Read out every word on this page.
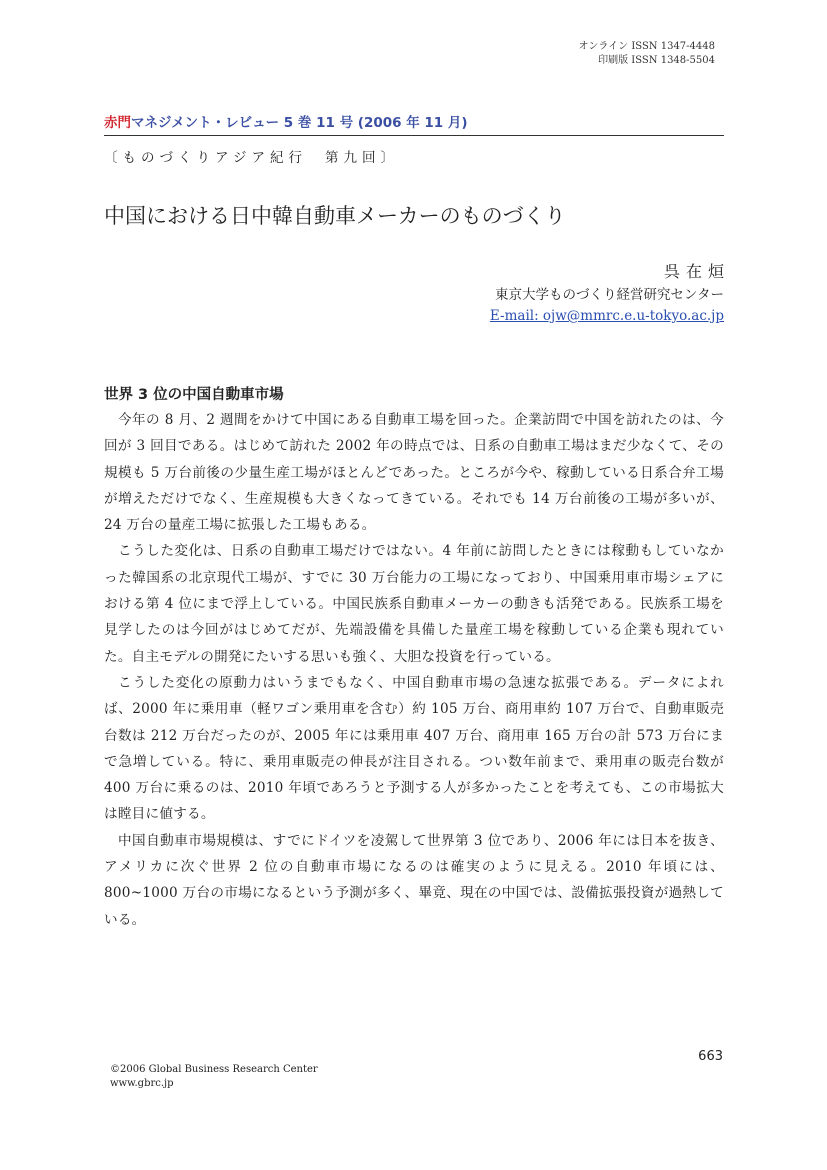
オンライン ISSN 1347-4448
印刷版 ISSN 1348-5504
赤門マネジメント・レビュー 5 巻 11 号 (2006 年 11 月)
〔ものづくりアジア紀行 第九回〕
中国における日中韓自動車メーカーのものづくり
呉在烜
東京大学ものづくり経営研究センター
E-mail: ojw@mmrc.e.u-tokyo.ac.jp
世界 3 位の中国自動車市場

今年の 8 月、2 週間をかけて中国にある自動車工場を回った。企業訪問で中国を訪れたのは、今回が 3 回目である。はじめて訪れた 2002 年の時点では、日系の自動車工場はまだ少なくて、その規模も 5 万台前後の少量生産工場がほとんどであった。ところが今や、稼動している日系合弁工場が増えただけでなく、生産規模も大きくなってきている。それでも 14 万台前後の工場が多いが、24 万台の量産工場に拡張した工場もある。

こうした変化は、日系の自動車工場だけではない。4 年前に訪問したときには稼動もしていなかった韓国系の北京現代工場が、すでに 30 万台能力の工場になっており、中国乗用車市場シェアにおける第 4 位にまで浮上している。中国民族系自動車メーカーの動きも活発である。民族系工場を見学したのは今回がはじめてだが、先端設備を具備した量産工場を稼動している企業も現れていた。自主モデルの開発にたいする思いも強く、大胆な投資を行っている。

こうした変化の原動力はいうまでもなく、中国自動車市場の急速な拡張である。データによれば、2000 年に乗用車（軽ワゴン乗用車を含む）約 105 万台、商用車約 107 万台で、自動車販売台数は 212 万台だったのが、2005 年には乗用車 407 万台、商用車 165 万台の計 573 万台にまで急増している。特に、乗用車販売の伸長が注目される。つい数年前まで、乗用車の販売台数が 400 万台に乗るのは、2010 年頃であろうと予測する人が多かったことを考えても、この市場拡大は瞠目に値する。

中国自動車市場規模は、すでにドイツを凌駕して世界第 3 位であり、2006 年には日本を抜き、アメリカに次ぐ世界 2 位の自動車市場になるのは確実のように見える。2010 年頃には、800~1000 万台の市場になるという予測が多く、畢竟、現在の中国では、設備拡張投資が過熱している。

663
©2006 Global Business Research Center
www.gbrc.jp
